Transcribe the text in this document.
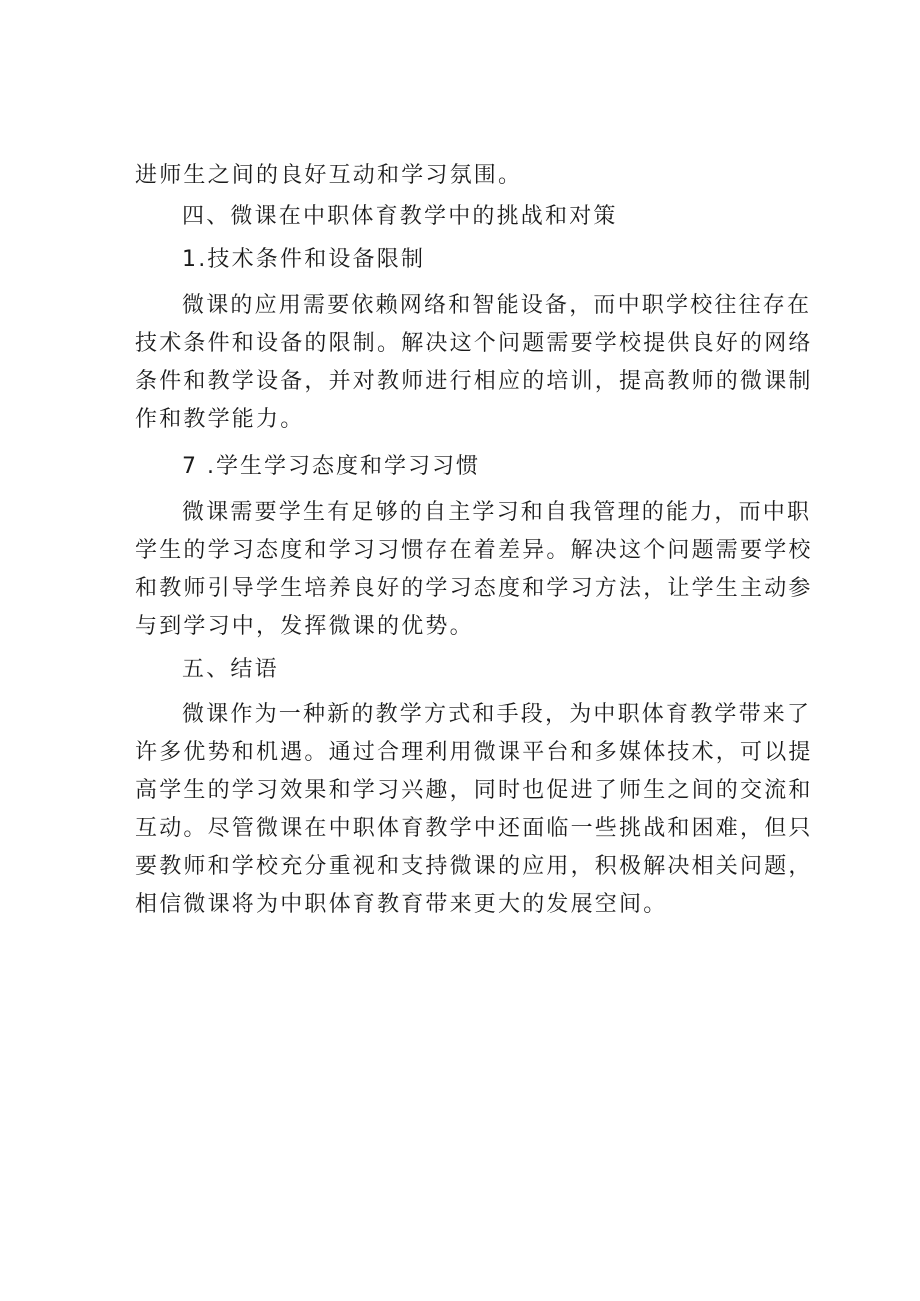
进师生之间的良好互动和学习氛围。

四、微课在中职体育教学中的挑战和对策

1.技术条件和设备限制

微课的应用需要依赖网络和智能设备，而中职学校往往存在

技术条件和设备的限制。解决这个问题需要学校提供良好的网络

条件和教学设备，并对教师进行相应的培训，提高教师的微课制

作和教学能力。

7 .学生学习态度和学习习惯

微课需要学生有足够的自主学习和自我管理的能力，而中职

学生的学习态度和学习习惯存在着差异。解决这个问题需要学校

和教师引导学生培养良好的学习态度和学习方法，让学生主动参

与到学习中，发挥微课的优势。

五、结语

微课作为一种新的教学方式和手段，为中职体育教学带来了

许多优势和机遇。通过合理利用微课平台和多媒体技术，可以提

高学生的学习效果和学习兴趣，同时也促进了师生之间的交流和

互动。尽管微课在中职体育教学中还面临一些挑战和困难，但只

要教师和学校充分重视和支持微课的应用，积极解决相关问题，

相信微课将为中职体育教育带来更大的发展空间。
